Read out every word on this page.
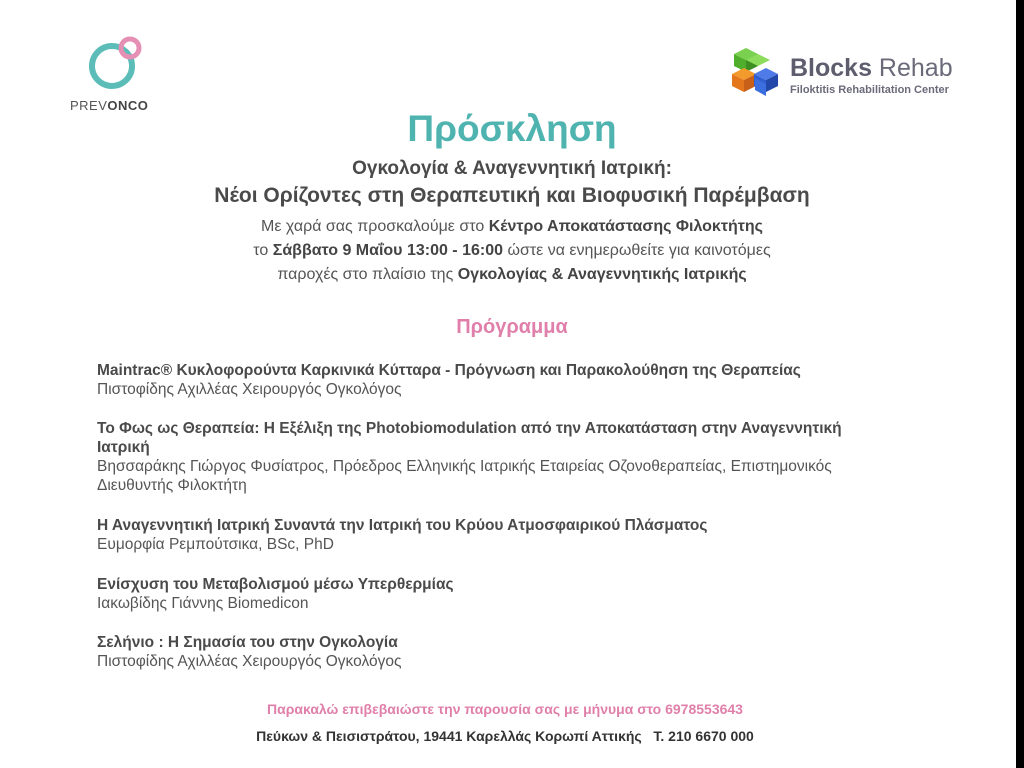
PREVONCO
Blocks Rehab
Filoktitis Rehabilitation Center
Πρόσκληση
Ογκολογία & Αναγεννητική Ιατρική:
Νέοι Ορίζοντες στη Θεραπευτική και Βιοφυσική Παρέμβαση
Με χαρά σας προσκαλούμε στο Κέντρο Αποκατάστασης Φιλοκτήτης
το Σάββατο 9 Μαΐου 13:00 - 16:00 ώστε να ενημερωθείτε για καινοτόμες
παροχές στο πλαίσιο της Ογκολογίας & Αναγεννητικής Ιατρικής
Πρόγραμμα
Maintrac® Κυκλοφορούντα Καρκινικά Κύτταρα - Πρόγνωση και Παρακολούθηση της Θεραπείας
Πιστοφίδης Αχιλλέας Χειρουργός Ογκολόγος
Το Φως ως Θεραπεία: Η Εξέλιξη της Photobiomodulation από την Αποκατάσταση στην Αναγεννητική Ιατρική
Βησσαράκης Γιώργος Φυσίατρος, Πρόεδρος Ελληνικής Ιατρικής Εταιρείας Οζονοθεραπείας, Επιστημονικός Διευθυντής Φιλοκτήτη
Η Αναγεννητική Ιατρική Συναντά την Ιατρική του Κρύου Ατμοσφαιρικού Πλάσματος
Ευμορφία Ρεμπούτσικα, BSc, PhD
Ενίσχυση του Μεταβολισμού μέσω Υπερθερμίας
Ιακωβίδης Γιάννης Biomedicon
Σελήνιο : Η Σημασία του στην Ογκολογία
Πιστοφίδης Αχιλλέας Χειρουργός Ογκολόγος
Παρακαλώ επιβεβαιώστε την παρουσία σας με μήνυμα στο 6978553643
Πεύκων & Πεισιστράτου, 19441 Καρελλάς Κορωπί Αττικής   Τ. 210 6670 000
